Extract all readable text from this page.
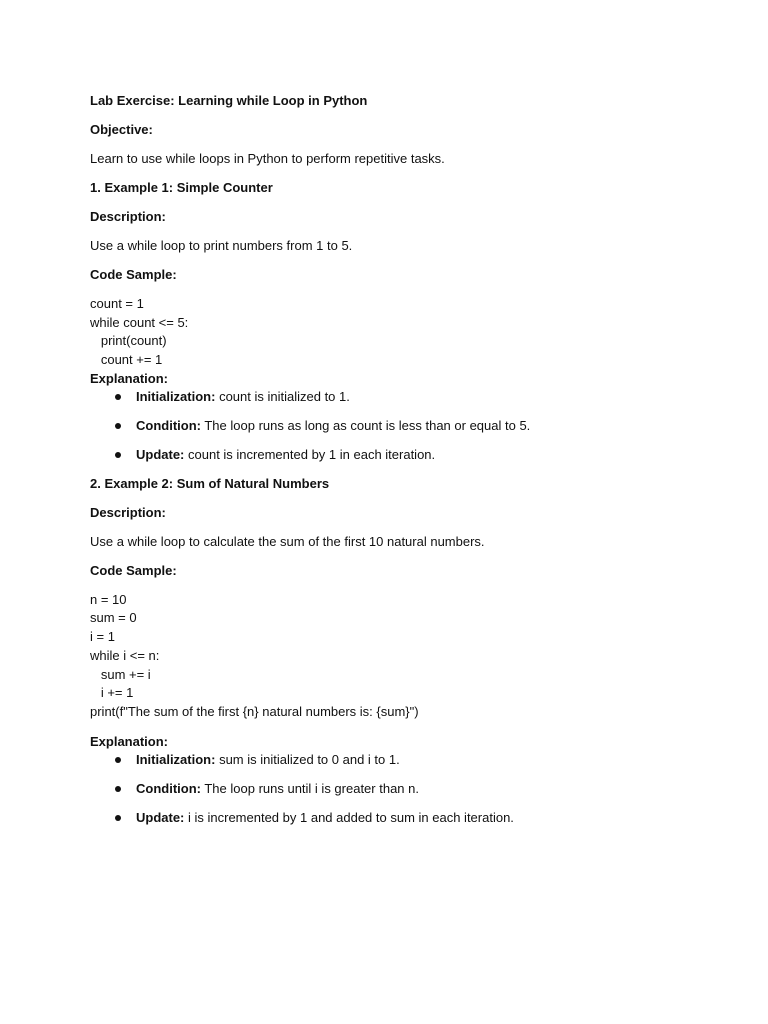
Lab Exercise: Learning while Loop in Python
Objective:
Learn to use while loops in Python to perform repetitive tasks.
1. Example 1: Simple Counter
Description:
Use a while loop to print numbers from 1 to 5.
Code Sample:
count = 1
while count <= 5:
print(count)
count += 1
Explanation:
Initialization: count is initialized to 1.
Condition: The loop runs as long as count is less than or equal to 5.
Update: count is incremented by 1 in each iteration.
2. Example 2: Sum of Natural Numbers
Description:
Use a while loop to calculate the sum of the first 10 natural numbers.
Code Sample:
n = 10
sum = 0
i = 1
while i <= n:
sum += i
i += 1
print(f"The sum of the first {n} natural numbers is: {sum}")
Explanation:
Initialization: sum is initialized to 0 and i to 1.
Condition: The loop runs until i is greater than n.
Update: i is incremented by 1 and added to sum in each iteration.
